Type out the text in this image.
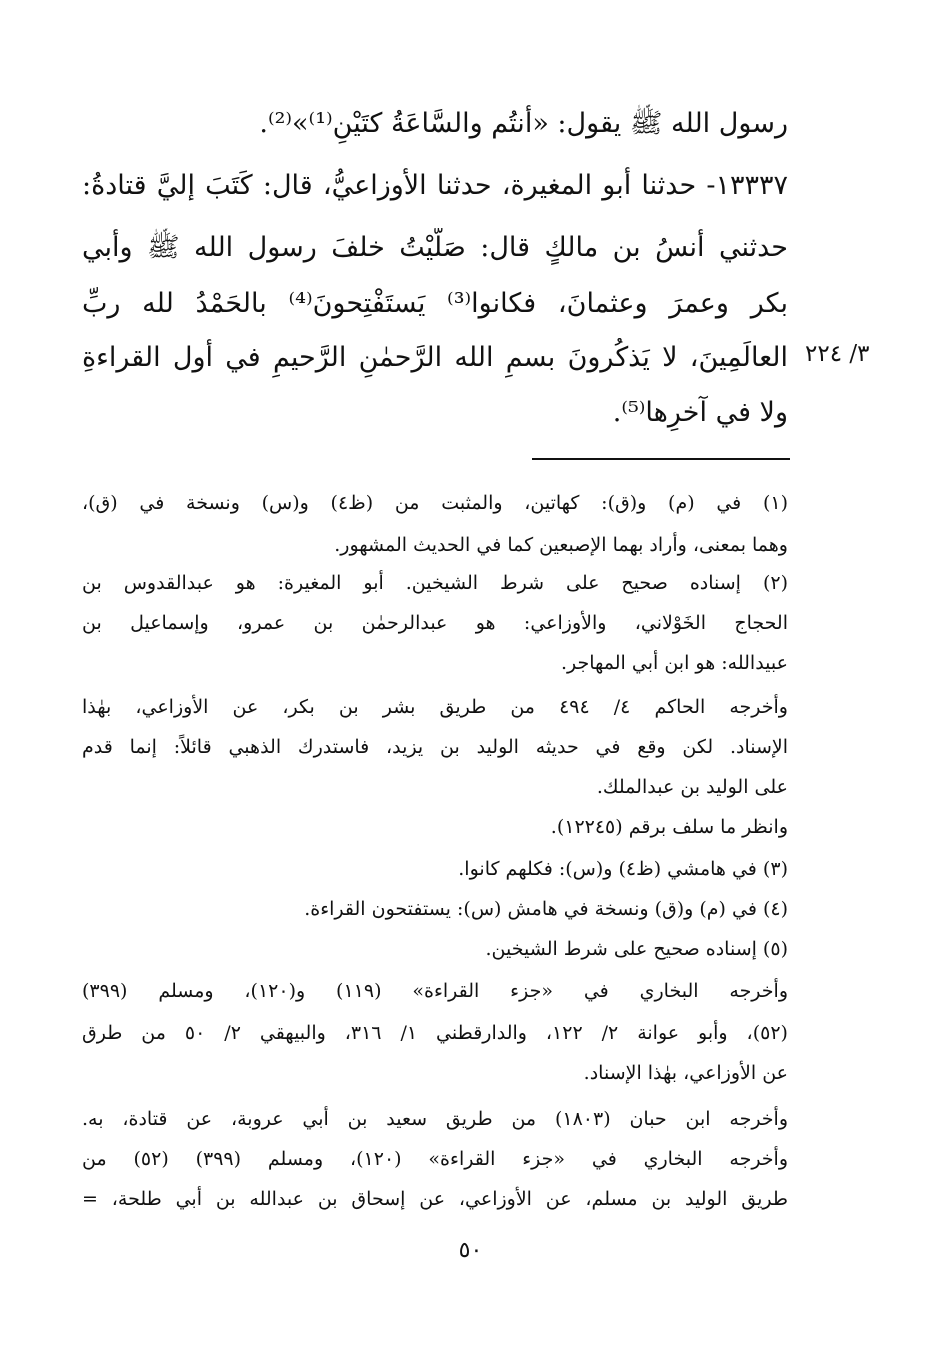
رسول الله ﷺ يقول: «أَنتُم والسَّاعَةُ كتَيْنِ⁽¹⁾»⁽²⁾.
١٣٣٣٧- حدثنا أبو المغيرة، حدثنا الأوزاعيُّ، قال: كَتَبَ إليَّ قتادةُ:
حدثني أنسُ بن مالكٍ قال: صَلَّيْتُ خلفَ رسول الله ﷺ وأبي
بكر وعمرَ وعثمانَ، فكانوا⁽³⁾ يَستَفْتِحونَ⁽⁴⁾ بالحَمْدُ لله ربِّ
العالَمِينَ، لا يَذكُرونَ بسمِ الله الرَّحمٰنِ الرَّحيمِ في أول القراءةِ
ولا في آخرِها⁽⁵⁾.
٣/ ٢٢٤
(١) في (م) و(ق): كهاتين، والمثبت من (ظ٤) و(س) ونسخة في (ق)،
وهما بمعنى، وأراد بهما الإصبعين كما في الحديث المشهور.
(٢) إسناده صحيح على شرط الشيخين. أبو المغيرة: هو عبدالقدوس بن
الحجاج الخَوْلاني، والأوزاعي: هو عبدالرحمٰن بن عمرو، وإسماعيل بن
عبيدالله: هو ابن أبي المهاجر.
وأخرجه الحاكم ٤/ ٤٩٤ من طريق بشر بن بكر، عن الأوزاعي، بهٰذا
الإسناد. لكن وقع في حديثه الوليد بن يزيد، فاستدرك الذهبي قائلاً: إنما قدم
على الوليد بن عبدالملك.
وانظر ما سلف برقم (١٢٢٤٥).
(٣) في هامشي (ظ٤) و(س): فكلهم كانوا.
(٤) في (م) و(ق) ونسخة في هامش (س): يستفتحون القراءة.
(٥) إسناده صحيح على شرط الشيخين.
وأخرجه البخاري في «جزء القراءة» (١١٩) و(١٢٠)، ومسلم (٣٩٩)
(٥٢)، وأبو عوانة ٢/ ١٢٢، والدارقطني ١/ ٣١٦، والبيهقي ٢/ ٥٠ من طرق
عن الأوزاعي، بهٰذا الإسناد.
وأخرجه ابن حبان (١٨٠٣) من طريق سعيد بن أبي عروبة، عن قتادة، به.
وأخرجه البخاري في «جزء القراءة» (١٢٠)، ومسلم (٣٩٩) (٥٢) من
طريق الوليد بن مسلم، عن الأوزاعي، عن إسحاق بن عبدالله بن أبي طلحة، =
٥٠
